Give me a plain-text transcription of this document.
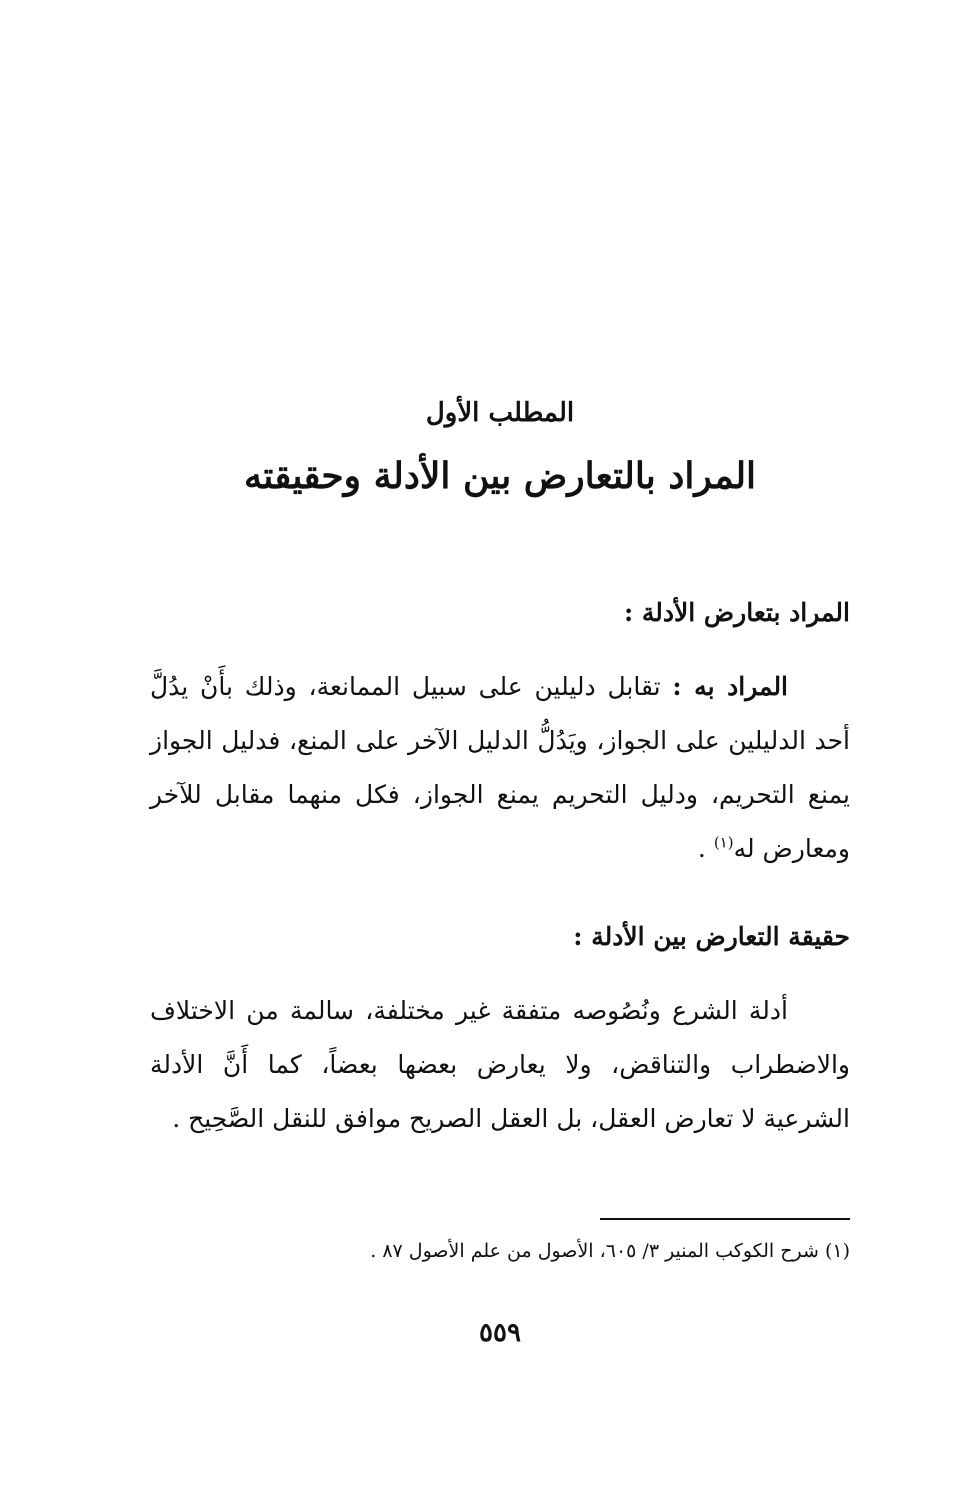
المطلب الأول
المراد بالتعارض بين الأدلة وحقيقته
المراد بتعارض الأدلة :
المراد به : تقابل دليلين على سبيل الممانعة، وذلك بأَنْ يدُلَّ أحد الدليلين على الجواز، ويَدُلُّ الدليل الآخر على المنع، فدليل الجواز يمنع التحريم، ودليل التحريم يمنع الجواز، فكل منهما مقابل للآخر ومعارض له$^{(١)}$ .
حقيقة التعارض بين الأدلة :
أدلة الشرع ونُصُوصه متفقة غير مختلفة، سالمة من الاختلاف والاضطراب والتناقض، ولا يعارض بعضها بعضاً، كما أَنَّ الأدلة الشرعية لا تعارض العقل، بل العقل الصريح موافق للنقل الصَّحِيح .
(١) شرح الكوكب المنير ٣/ ٦٠٥، الأصول من علم الأصول ٨٧ .
٥٥٩
